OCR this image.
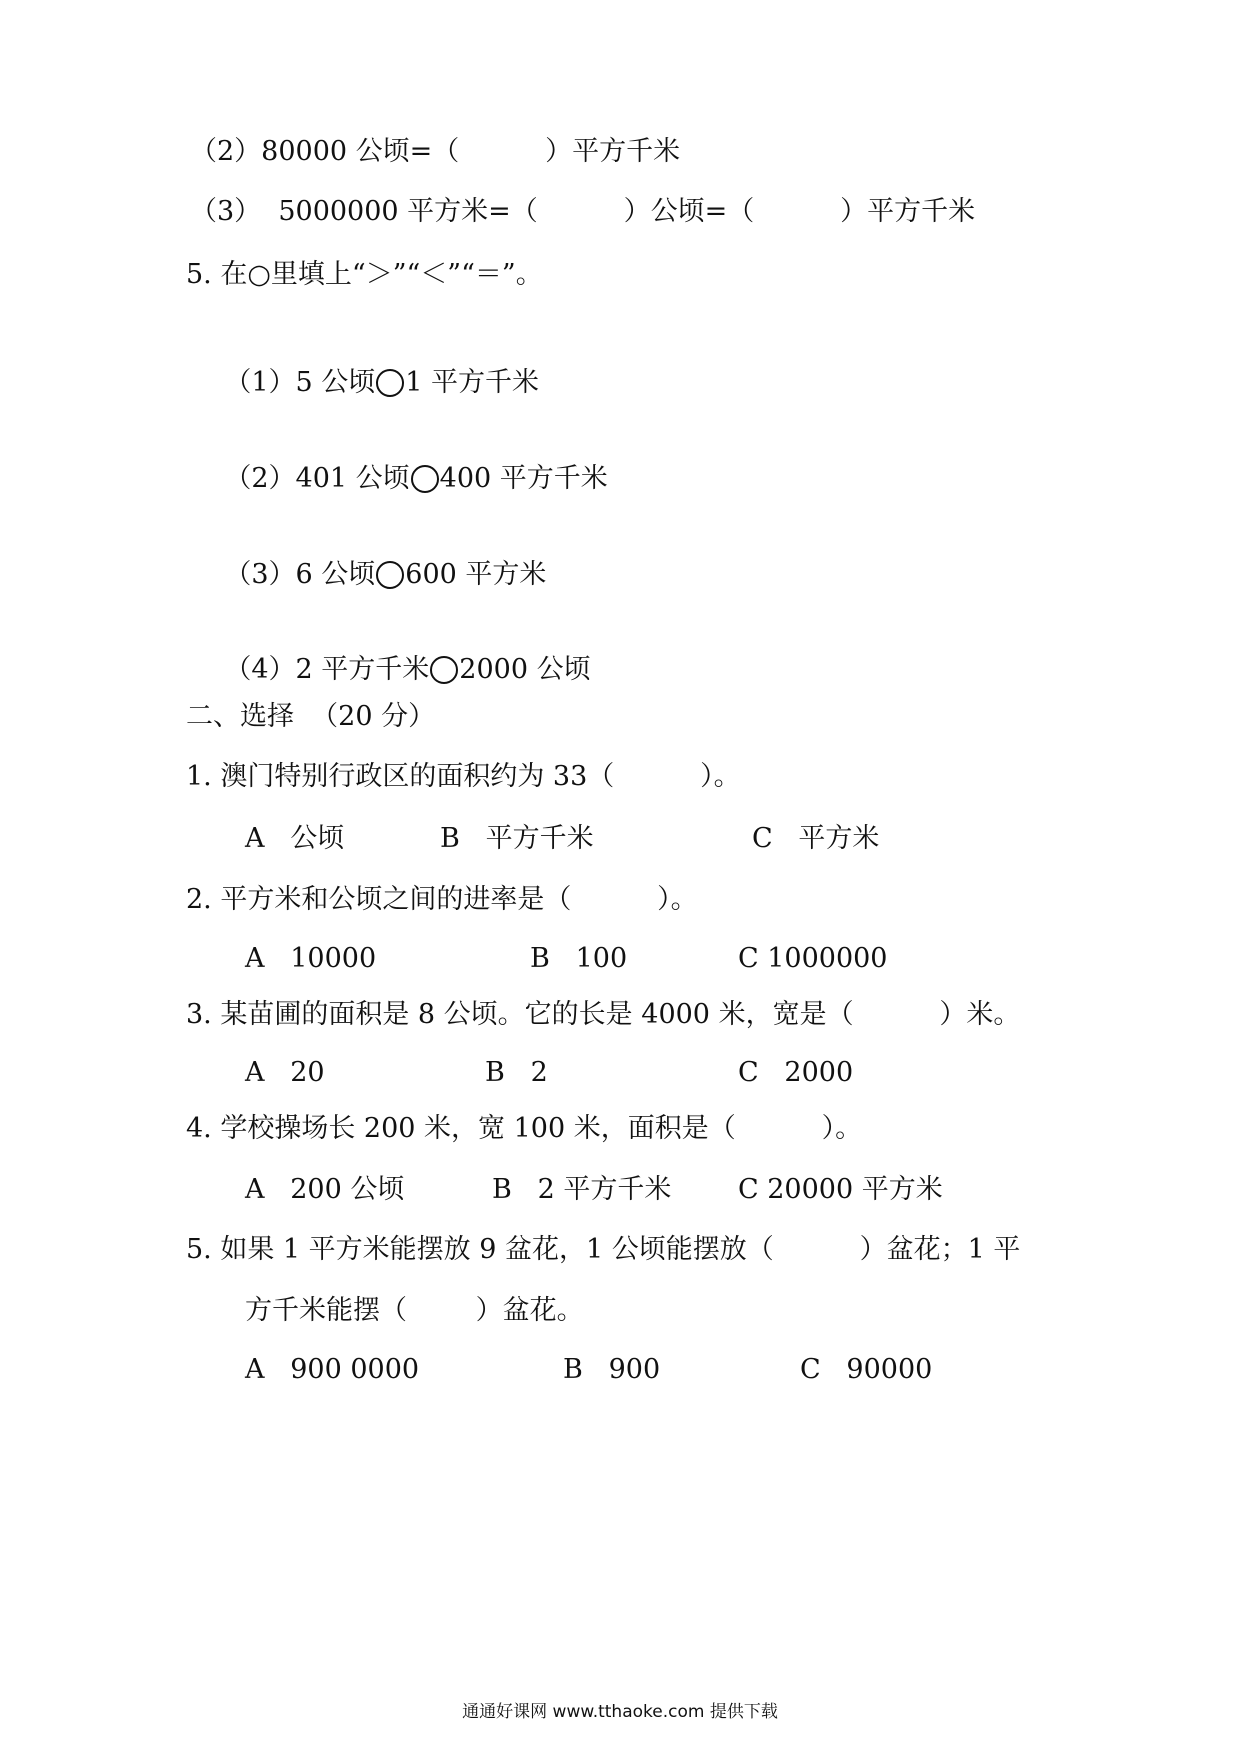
（2）80000 公顷=（          ）平方千米
（3）  5000000 平方米=（          ）公顷=（          ）平方千米
5. 在○里填上“＞”“＜”“＝”。

（1）5 公顷 1 平方千米

（2）401 公顷 400 平方千米

（3）6 公顷 600 平方米

（4）2 平方千米 2000 公顷

二、选择  （20 分）
1. 澳门特别行政区的面积约为 33（          ）。
A   公顷	B   平方千米	C   平方米
2. 平方米和公顷之间的进率是（          ）。
A   10000	B   100	C 1000000
3. 某苗圃的面积是 8 公顷。它的长是 4000 米，宽是（          ）米。
A   20	B   2	C   2000
4. 学校操场长 200 米，宽 100 米，面积是（          ）。
A   200 公顷	B   2 平方千米 C 20000 平方米
5. 如果 1 平方米能摆放 9 盆花，1 公顷能摆放（          ）盆花；1 平
方千米能摆（        ）盆花。
A   900 0000	B   900	C   90000
通通好课网 www.tthaoke.com 提供下载
